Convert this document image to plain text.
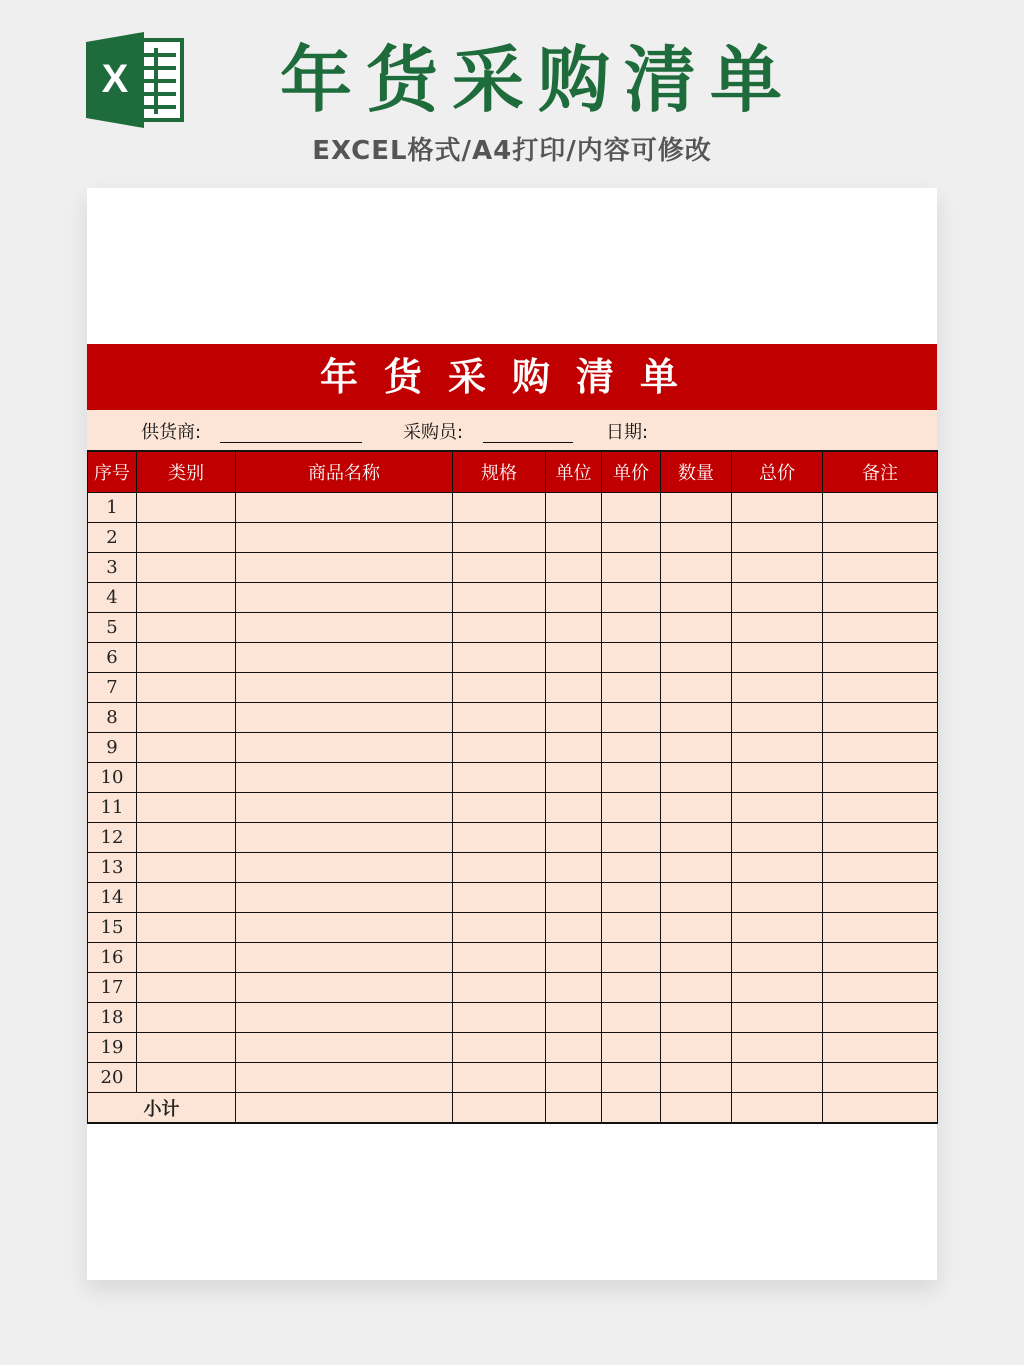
X 年货采购清单
EXCEL格式/A4打印/内容可修改
年货采购清单
供货商:	采购员:	日期:
序号	类别	商品名称	规格	单位	单价	数量	总价	备注
1								
2								
3								
4								
5								
6								
7								
8								
9								
10								
11								
12								
13								
14								
15								
16								
17								
18								
19								
20								
小计								
